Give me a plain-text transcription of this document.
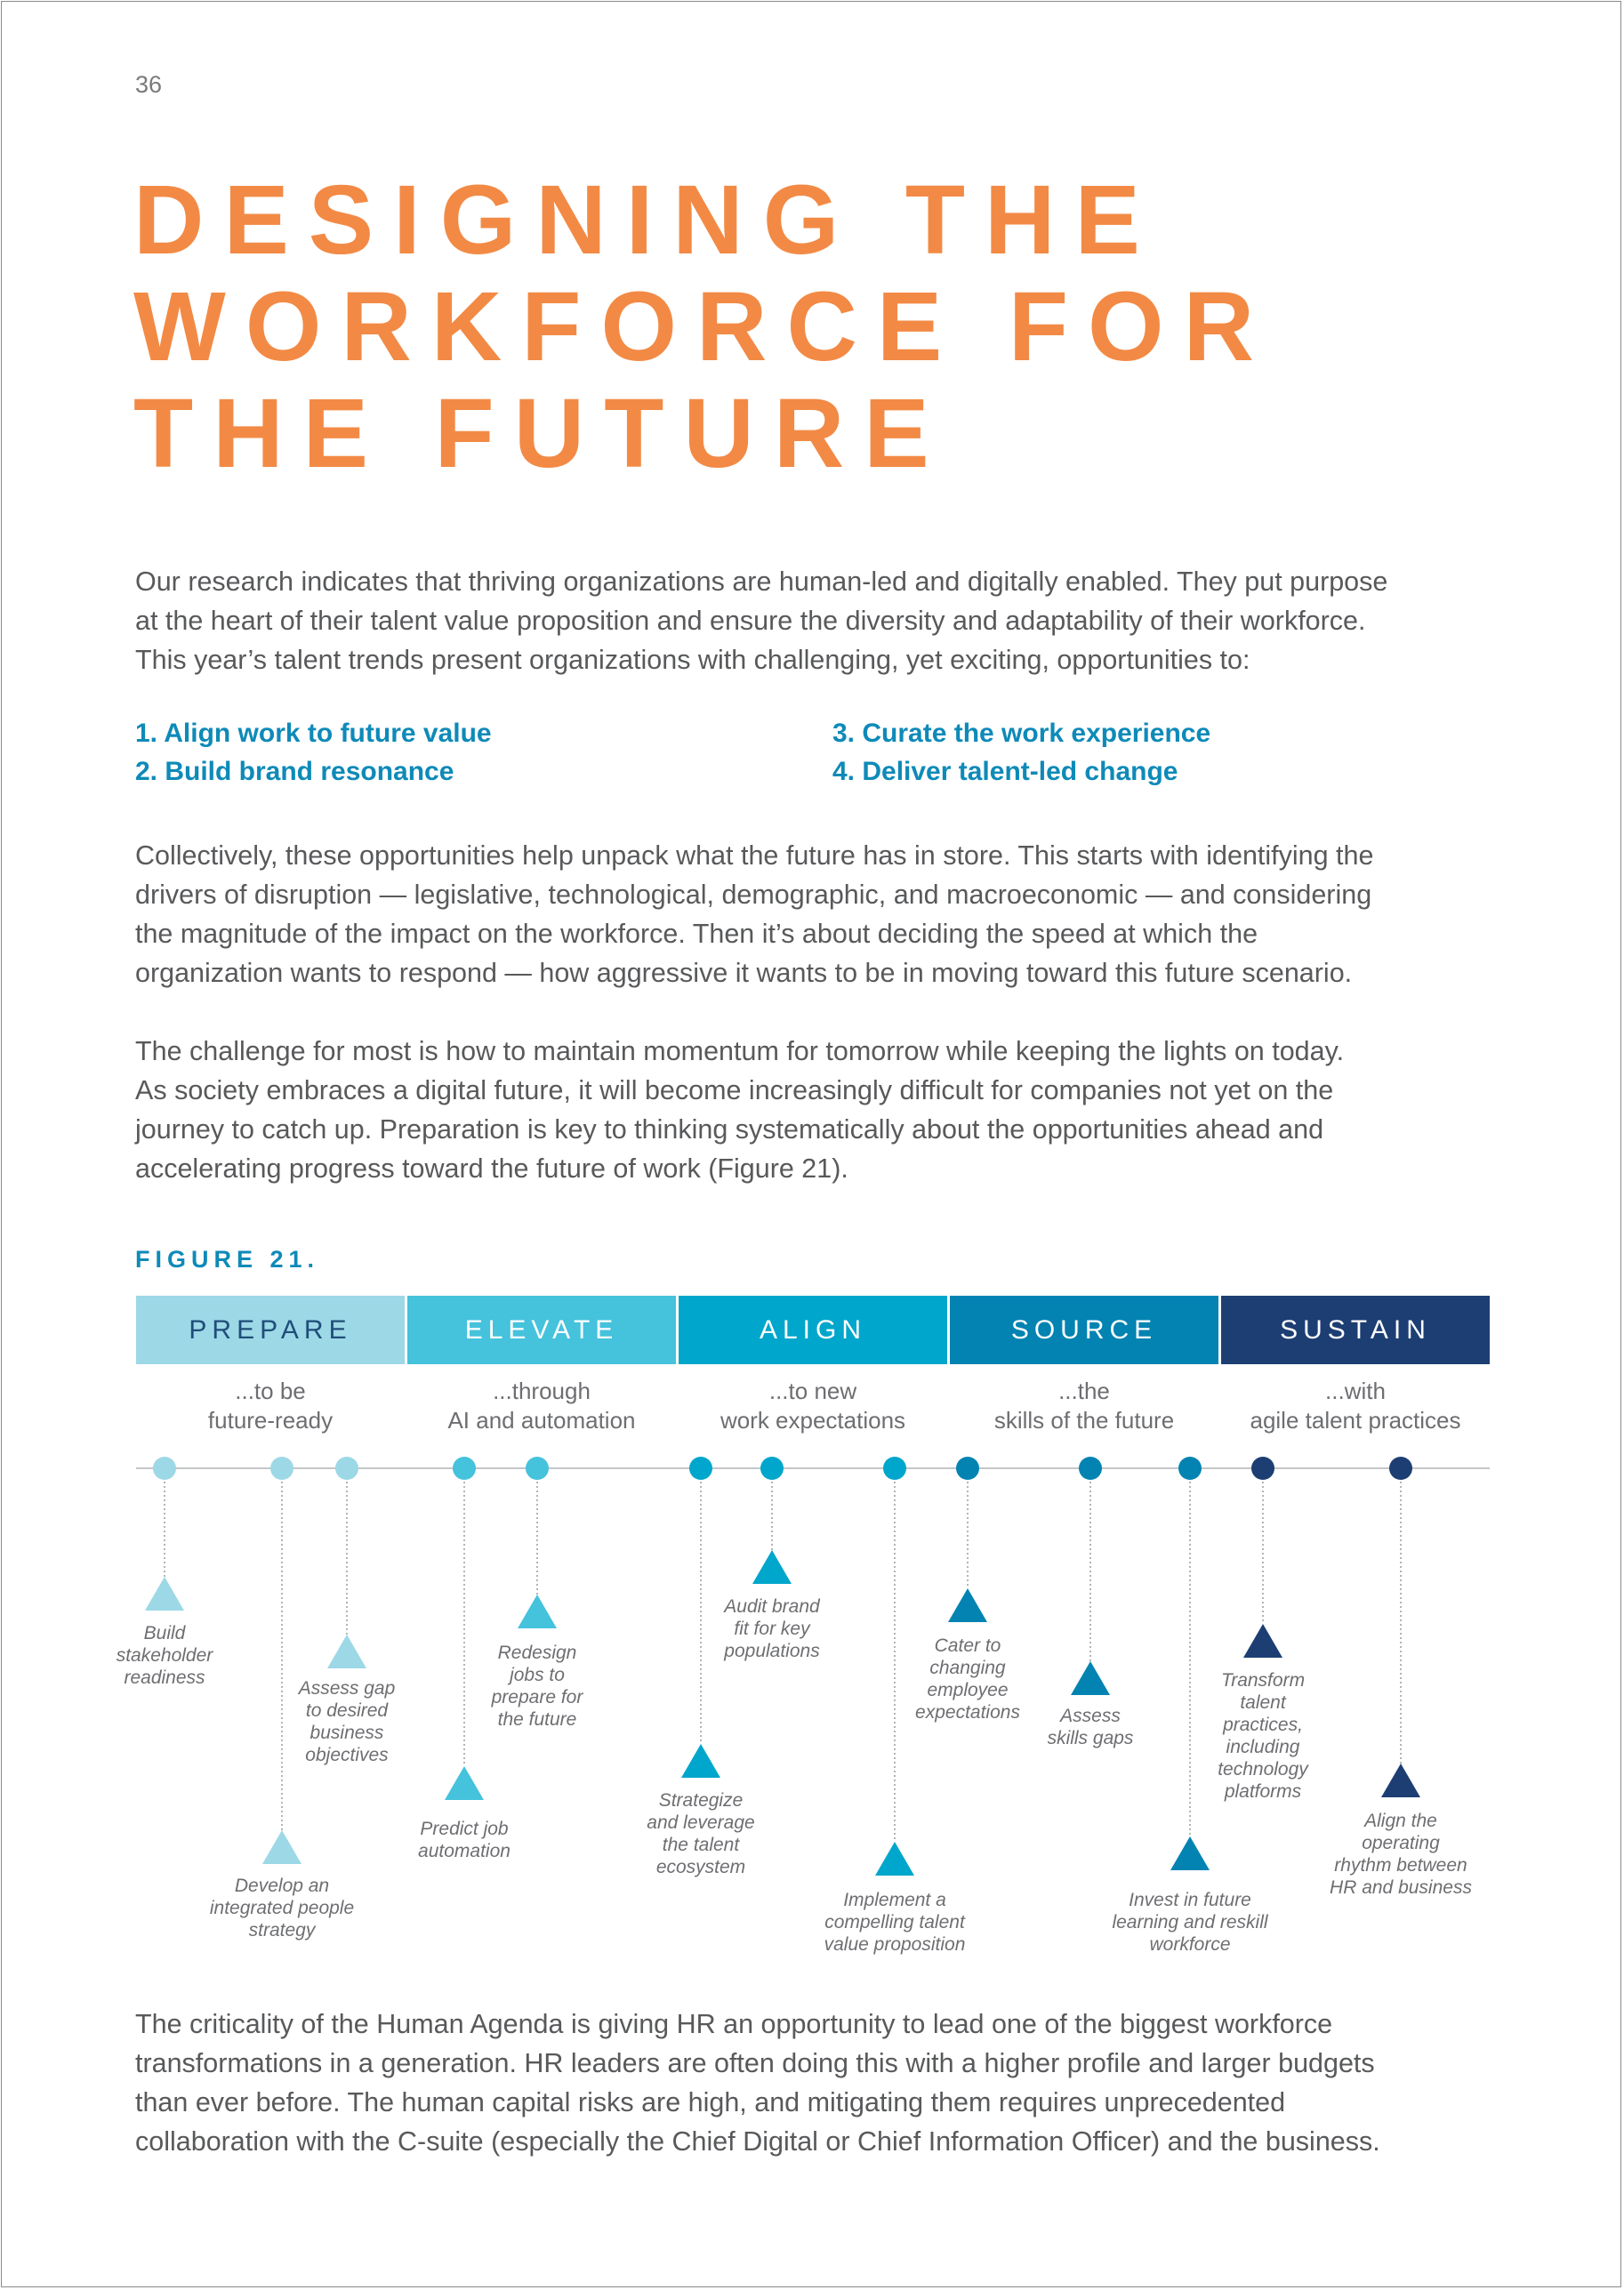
36
DESIGNING THE
WORKFORCE FOR
THE FUTURE
Our research indicates that thriving organizations are human-led and digitally enabled. They put purpose
at the heart of their talent value proposition and ensure the diversity and adaptability of their workforce.
This year’s talent trends present organizations with challenging, yet exciting, opportunities to:
1. Align work to future value
2. Build brand resonance
3. Curate the work experience
4. Deliver talent-led change
Collectively, these opportunities help unpack what the future has in store. This starts with identifying the
drivers of disruption — legislative, technological, demographic, and macroeconomic — and considering
the magnitude of the impact on the workforce. Then it’s about deciding the speed at which the
organization wants to respond — how aggressive it wants to be in moving toward this future scenario.
The challenge for most is how to maintain momentum for tomorrow while keeping the lights on today.
As society embraces a digital future, it will become increasingly difficult for companies not yet on the
journey to catch up. Preparation is key to thinking systematically about the opportunities ahead and
accelerating progress toward the future of work (Figure 21).
FIGURE 21.
PREPARE	ELEVATE	ALIGN	SOURCE	SUSTAIN
...to be
future-ready
...through
AI and automation
...to new
work expectations
...the
skills of the future
...with
agile talent practices
Build
stakeholder
readiness
Develop an
integrated people
strategy
Assess gap
to desired
business
objectives
Predict job
automation
Redesign
jobs to
prepare for
the future
Strategize
and leverage
the talent
ecosystem
Audit brand
fit for key
populations
Implement a
compelling talent
value proposition
Cater to
changing
employee
expectations	Assess
skills gaps
Invest in future
learning and reskill
workforce
Transform
talent
practices,
including
technology
platforms
Align the
operating
rhythm between
HR and business
The criticality of the Human Agenda is giving HR an opportunity to lead one of the biggest workforce
transformations in a generation. HR leaders are often doing this with a higher profile and larger budgets
than ever before. The human capital risks are high, and mitigating them requires unprecedented
collaboration with the C-suite (especially the Chief Digital or Chief Information Officer) and the business.
